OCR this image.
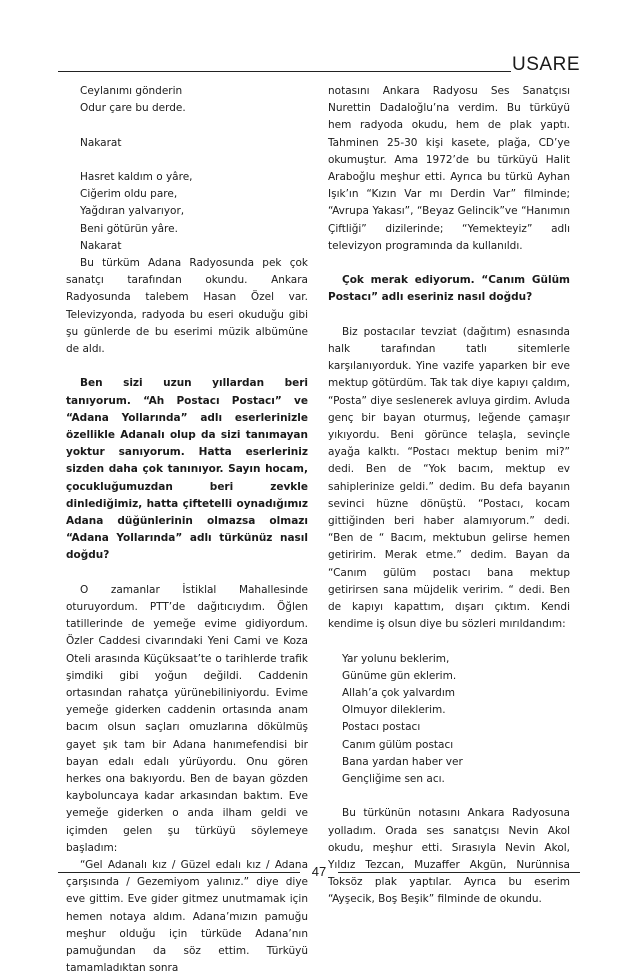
USARE

Ceylanımı gönderin
Odur çare bu derde.

Nakarat

Hasret kaldım o yâre,
Ciğerim oldu pare,
Yağdıran yalvarıyor,
Beni götürün yâre.
Nakarat

Bu türküm Adana Radyosunda pek çok sanatçı tarafından okundu. Ankara Radyosunda talebem Hasan Özel var. Televizyonda, radyoda bu eseri okuduğu gibi şu günlerde de bu eserimi müzik albümüne de aldı.

Ben sizi uzun yıllardan beri tanıyorum. “Ah Postacı Postacı” ve “Adana Yollarında” adlı eserlerinizle özellikle Adanalı olup da sizi tanımayan yoktur sanıyorum. Hatta eserleriniz sizden daha çok tanınıyor. Sayın hocam, çocukluğumuzdan beri zevkle dinlediğimiz, hatta çiftetelli oynadığımız Adana düğünlerinin olmazsa olmazı “Adana Yollarında” adlı türkünüz nasıl doğdu?

O zamanlar İstiklal Mahallesinde oturuyordum. PTT’de dağıtıcıydım. Öğlen tatillerinde de yemeğe evime gidiyordum. Özler Caddesi civarındaki Yeni Cami ve Koza Oteli arasında Küçüksaat’te o tarihlerde trafik şimdiki gibi yoğun değildi. Caddenin ortasından rahatça yürünebiliniyordu. Evime yemeğe giderken caddenin ortasında anam bacım olsun saçları omuzlarına dökülmüş gayet şık tam bir Adana hanımefendisi bir bayan edalı edalı yürüyordu. Onu gören herkes ona bakıyordu. Ben de bayan gözden kayboluncaya kadar arkasından baktım. Eve yemeğe giderken o anda ilham geldi ve içimden gelen şu türküyü söylemeye başladım:

“Gel Adanalı kız / Güzel edalı kız / Adana çarşısında / Gezemiyom yalınız.” diye diye eve gittim. Eve gider gitmez unutmamak için hemen notaya aldım. Adana’mızın pamuğu meşhur olduğu için türküde Adana’nın pamuğundan da söz ettim. Türküyü tamamladıktan sonra

notasını Ankara Radyosu Ses Sanatçısı Nurettin Dadaloğlu’na verdim. Bu türküyü hem radyoda okudu, hem de plak yaptı. Tahminen 25-30 kişi kasete, plağa, CD’ye okumuştur. Ama 1972’de bu türküyü Halit Araboğlu meşhur etti. Ayrıca bu türkü Ayhan Işık’ın “Kızın Var mı Derdin Var” filminde; “Avrupa Yakası”, “Beyaz Gelincik”ve “Hanımın Çiftliği” dizilerinde; “Yemekteyiz” adlı televizyon programında da kullanıldı.

Çok merak ediyorum. “Canım Gülüm Postacı” adlı eseriniz nasıl doğdu?

Biz postacılar tevziat (dağıtım) esnasında halk tarafından tatlı sitemlerle karşılanıyorduk. Yine vazife yaparken bir eve mektup götürdüm. Tak tak diye kapıyı çaldım, “Posta” diye seslenerek avluya girdim. Avluda genç bir bayan oturmuş, leğende çamaşır yıkıyordu. Beni görünce telaşla, sevinçle ayağa kalktı. “Postacı mektup benim mi?” dedi. Ben de “Yok bacım, mektup ev sahiplerinize geldi.” dedim. Bu defa bayanın sevinci hüzne dönüştü. “Postacı, kocam gittiğinden beri haber alamıyorum.” dedi. “Ben de “ Bacım, mektubun gelirse hemen getiririm. Merak etme.” dedim. Bayan da “Canım gülüm postacı bana mektup getirirsen sana müjdelik veririm. “ dedi. Ben de kapıyı kapattım, dışarı çıktım. Kendi kendime iş olsun diye bu sözleri mırıldandım:

Yar yolunu beklerim,
Günüme gün eklerim.
Allah’a çok yalvardım
Olmuyor dileklerim.
Postacı postacı
Canım gülüm postacı
Bana yardan haber ver
Gençliğime sen acı.

Bu türkünün notasını Ankara Radyosuna yolladım. Orada ses sanatçısı Nevin Akol okudu, meşhur etti. Sırasıyla Nevin Akol, Yıldız Tezcan, Muzaffer Akgün, Nurünnisa Toksöz plak yaptılar. Ayrıca bu eserim “Ayşecik, Boş Beşik” filminde de okundu.

47
